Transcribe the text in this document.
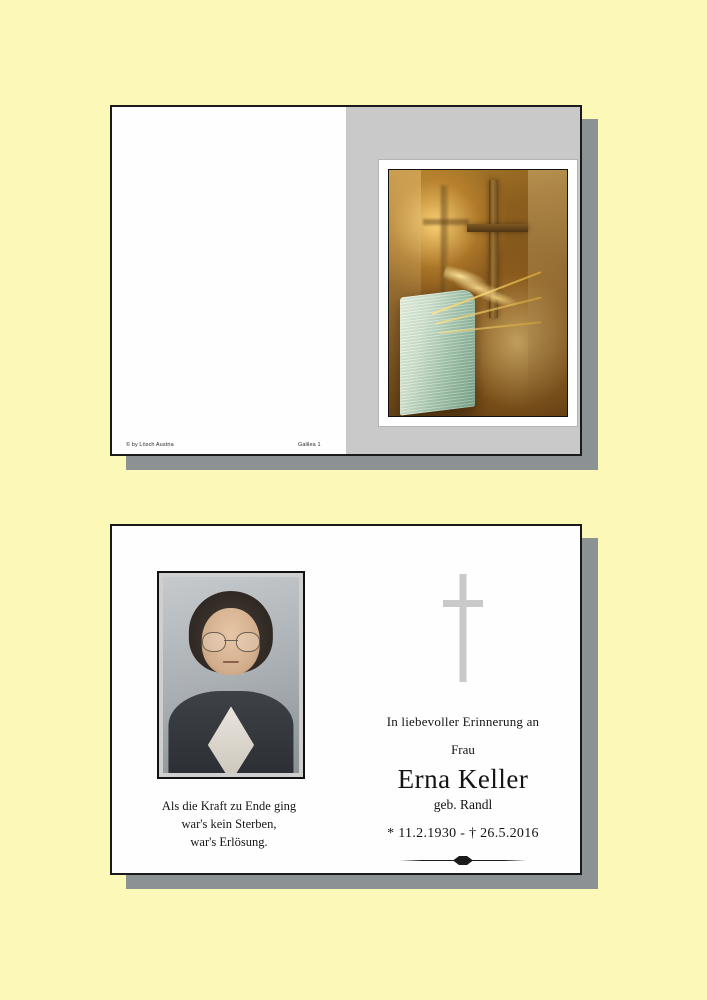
© by Lösch Austria	Galilea 1
Als die Kraft zu Ende ging
war's kein Sterben,
war's Erlösung.
In liebevoller Erinnerung an
Frau
Erna Keller
geb. Randl
* 11.2.1930 - † 26.5.2016
